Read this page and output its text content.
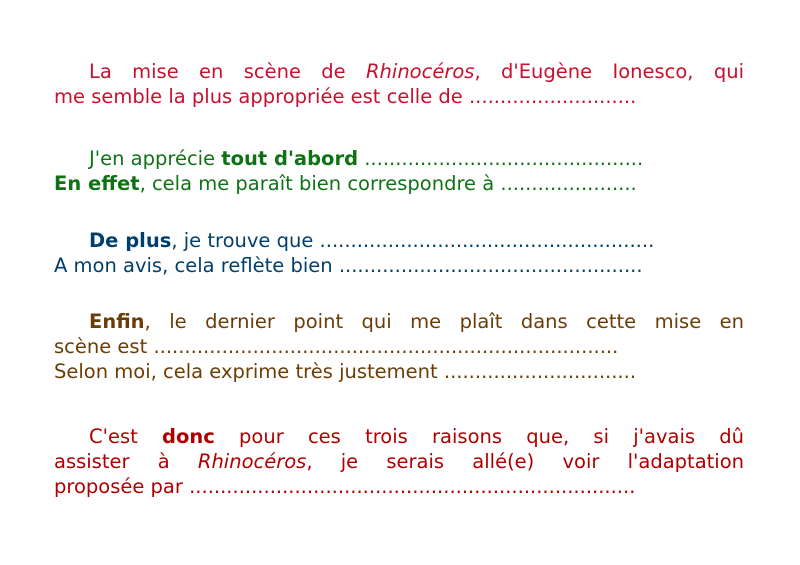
La mise en scène de Rhinocéros, d'Eugène Ionesco, qui
me semble la plus appropriée est celle de ...........................
J'en apprécie tout d'abord .............................................
En effet, cela me paraît bien correspondre à ......................
De plus, je trouve que ......................................................
A mon avis, cela reflète bien .................................................
Enfin, le dernier point qui me plaît dans cette mise en
scène est ...........................................................................
Selon moi, cela exprime très justement ...............................
C'est donc pour ces trois raisons que, si j'avais dû
assister à Rhinocéros, je serais allé(e) voir l'adaptation
proposée par ........................................................................
